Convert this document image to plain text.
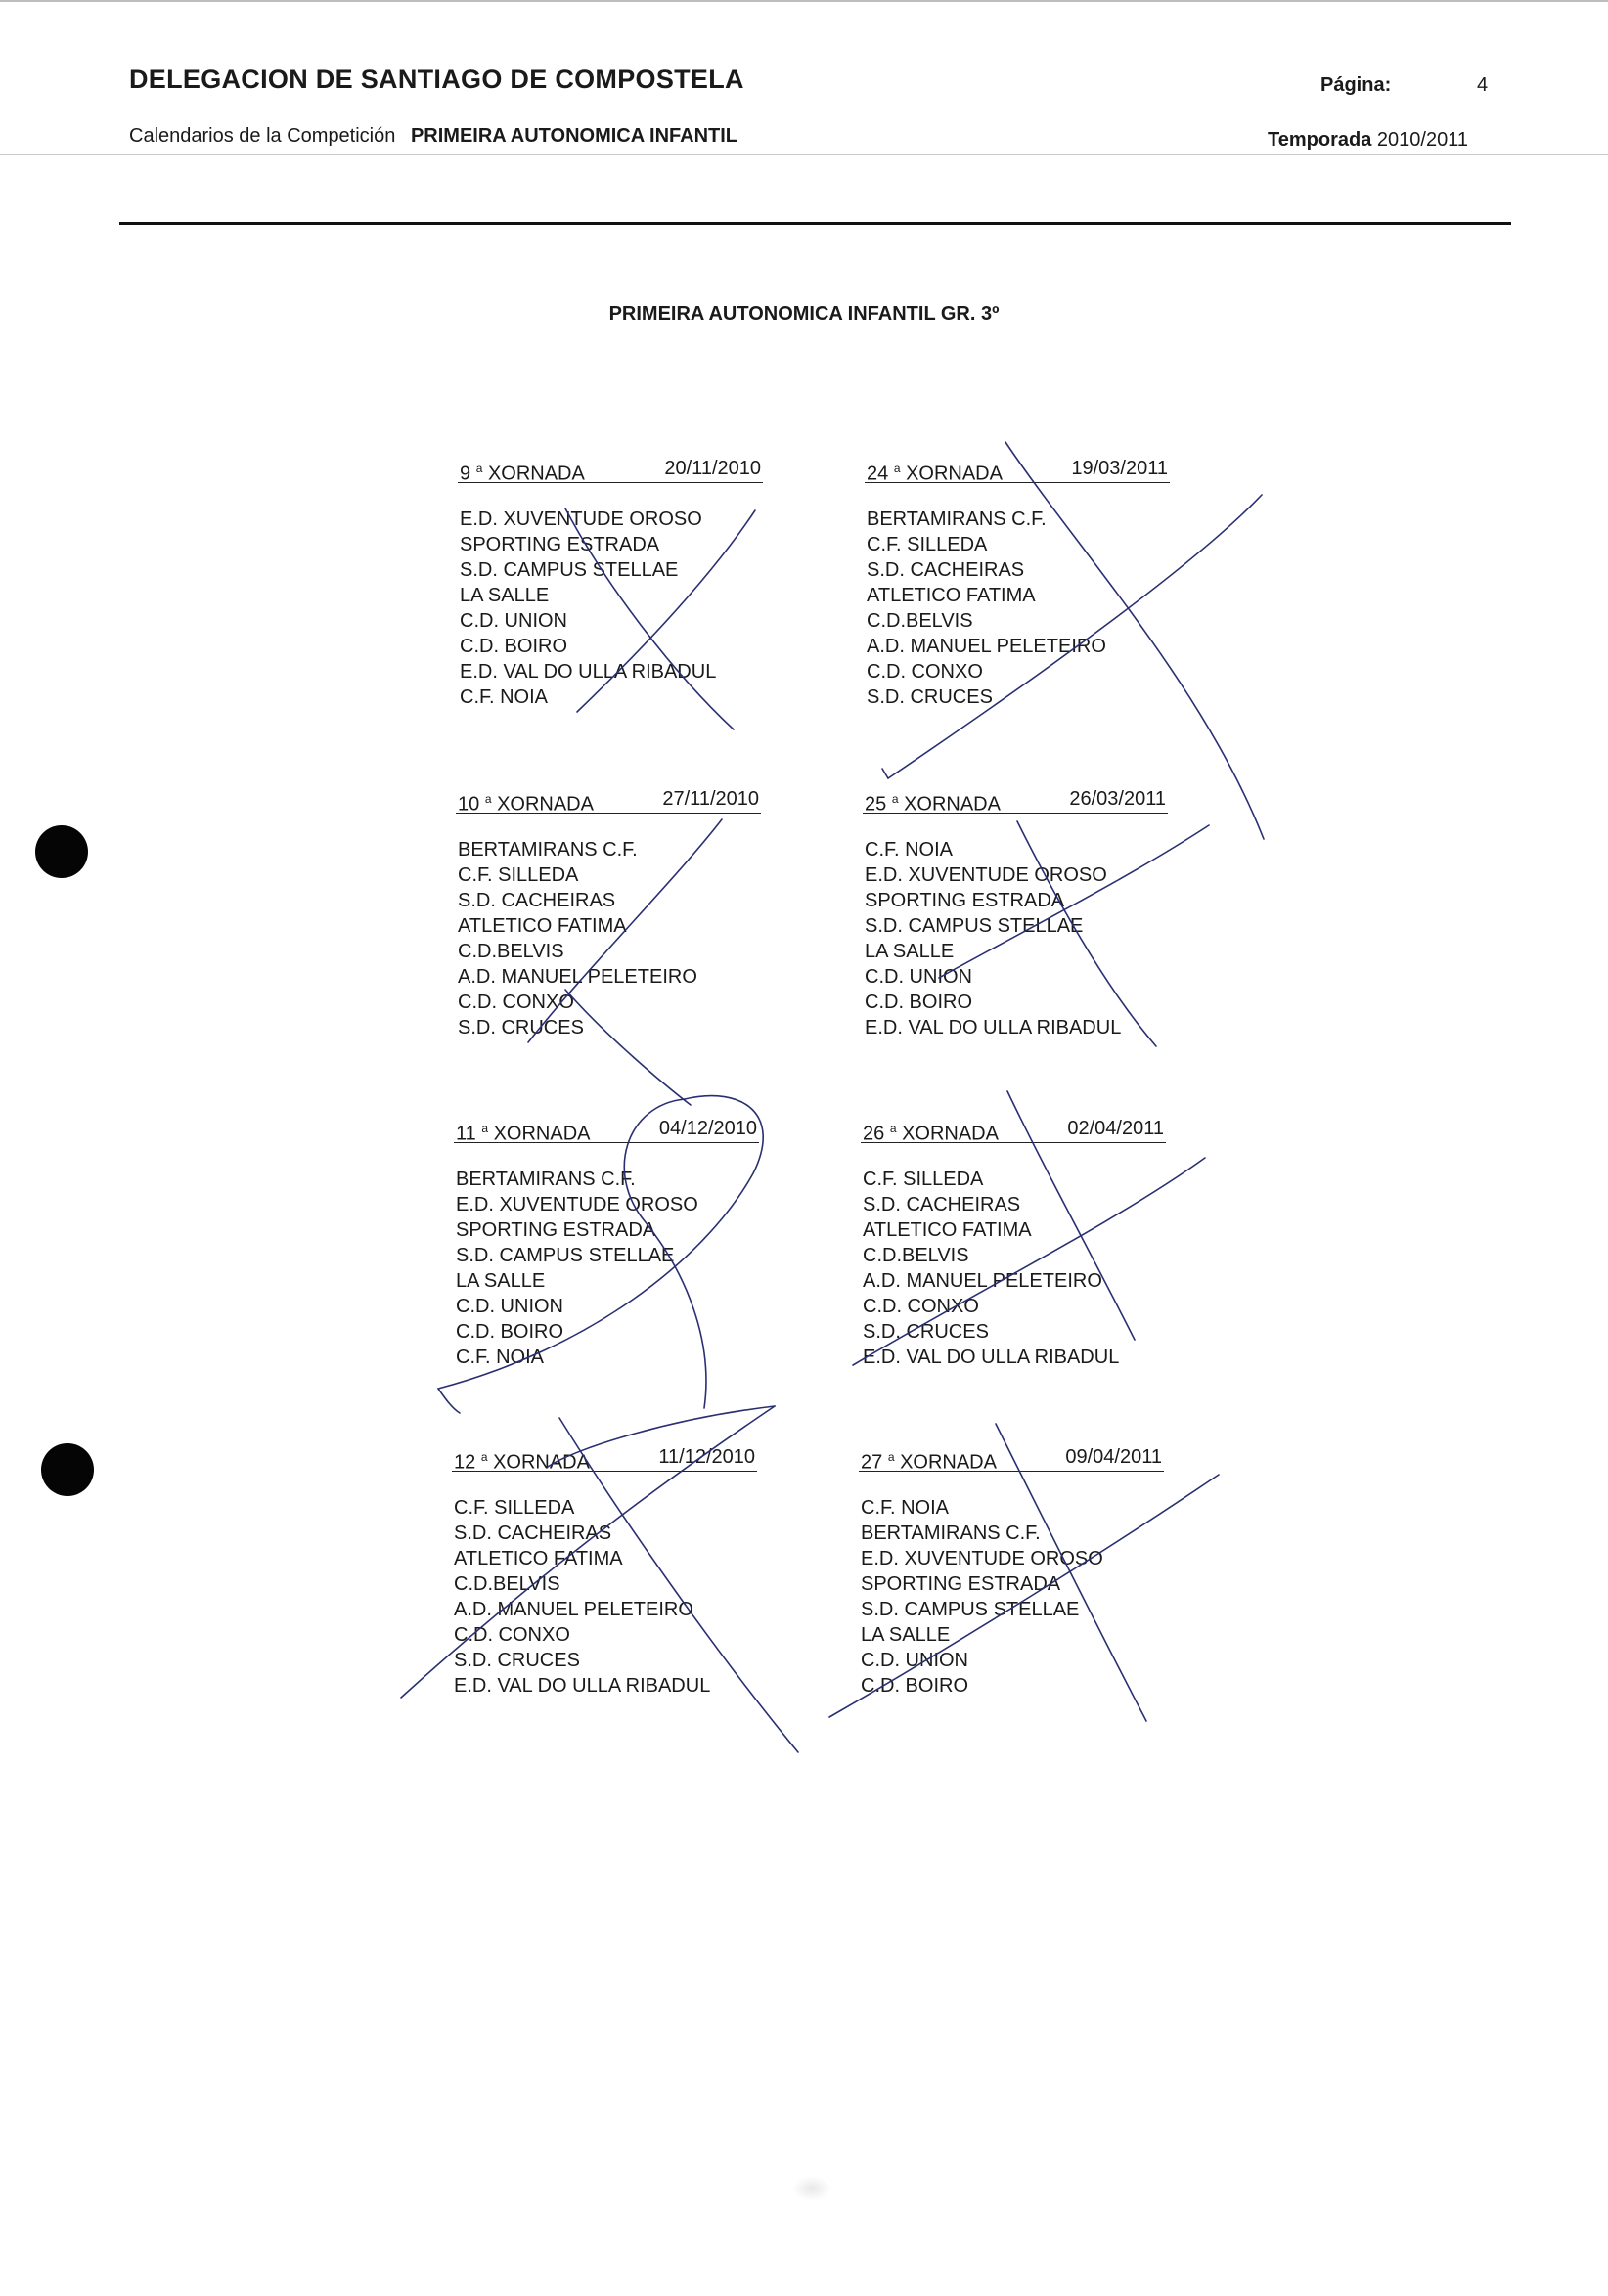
DELEGACION DE SANTIAGO DE COMPOSTELA	Página:	4
Calendarios de la Competición PRIMEIRA AUTONOMICA INFANTIL	Temporada 2010/2011
PRIMEIRA AUTONOMICA INFANTIL GR. 3º
9 $^a$ XORNADA	20/11/2010
E.D. XUVENTUDE OROSO
SPORTING ESTRADA
S.D. CAMPUS STELLAE
LA SALLE
C.D. UNION
C.D. BOIRO
E.D. VAL DO ULLA RIBADUL
C.F. NOIA
24 $^a$ XORNADA	19/03/2011
BERTAMIRANS C.F.
C.F. SILLEDA
S.D. CACHEIRAS
ATLETICO FATIMA
C.D.BELVIS
A.D. MANUEL PELETEIRO
C.D. CONXO
S.D. CRUCES
10 $^a$ XORNADA	27/11/2010
BERTAMIRANS C.F.
C.F. SILLEDA
S.D. CACHEIRAS
ATLETICO FATIMA
C.D.BELVIS
A.D. MANUEL PELETEIRO
C.D. CONXO
S.D. CRUCES
25 $^a$ XORNADA	26/03/2011
C.F. NOIA
E.D. XUVENTUDE OROSO
SPORTING ESTRADA
S.D. CAMPUS STELLAE
LA SALLE
C.D. UNION
C.D. BOIRO
E.D. VAL DO ULLA RIBADUL
11 $^a$ XORNADA	04/12/2010
BERTAMIRANS C.F.
E.D. XUVENTUDE OROSO
SPORTING ESTRADA
S.D. CAMPUS STELLAE
LA SALLE
C.D. UNION
C.D. BOIRO
C.F. NOIA
26 $^a$ XORNADA	02/04/2011
C.F. SILLEDA
S.D. CACHEIRAS
ATLETICO FATIMA
C.D.BELVIS
A.D. MANUEL PELETEIRO
C.D. CONXO
S.D. CRUCES
E.D. VAL DO ULLA RIBADUL
12 $^a$ XORNADA	11/12/2010
C.F. SILLEDA
S.D. CACHEIRAS
ATLETICO FATIMA
C.D.BELVIS
A.D. MANUEL PELETEIRO
C.D. CONXO
S.D. CRUCES
E.D. VAL DO ULLA RIBADUL
27 $^a$ XORNADA	09/04/2011
C.F. NOIA
BERTAMIRANS C.F.
E.D. XUVENTUDE OROSO
SPORTING ESTRADA
S.D. CAMPUS STELLAE
LA SALLE
C.D. UNION
C.D. BOIRO
